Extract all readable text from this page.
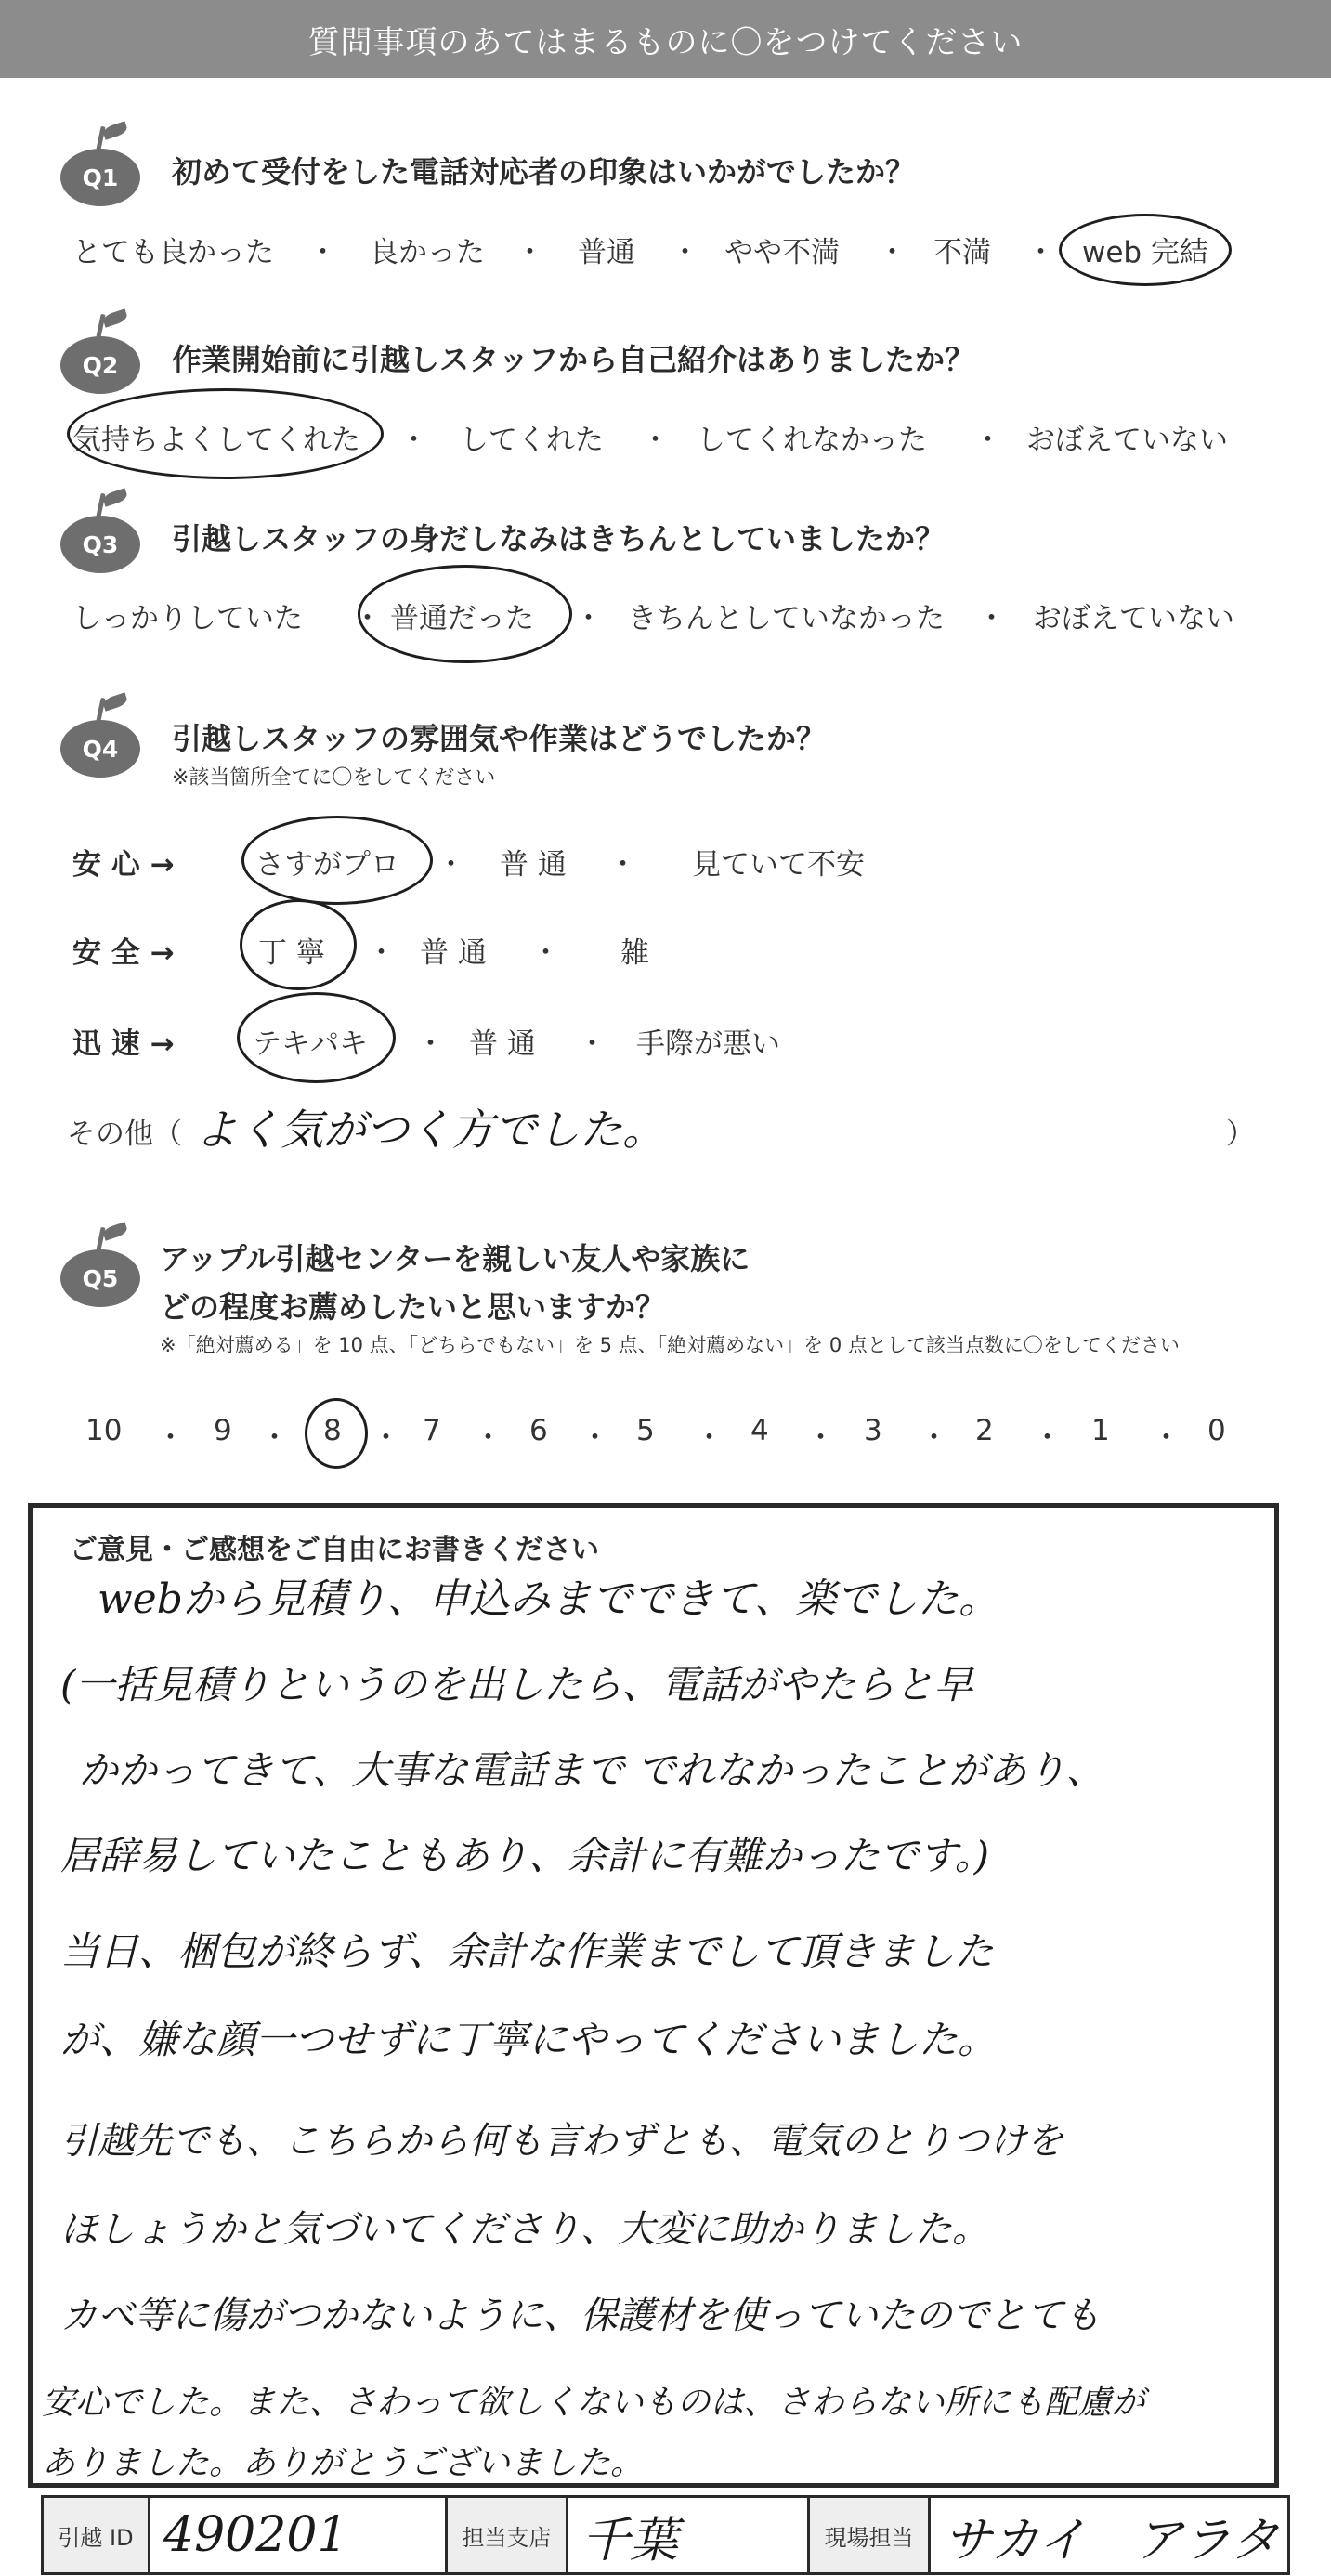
質問事項のあてはまるものに〇をつけてください
Q1	初めて受付をした電話対応者の印象はいかがでしたか？
とても良かった ・ 良かった ・ 普通 ・ やや不満 ・ 不満 ・ web 完結
Q2	作業開始前に引越しスタッフから自己紹介はありましたか？
気持ちよくしてくれた ・ してくれた ・ してくれなかった ・ おぼえていない
Q3	引越しスタッフの身だしなみはきちんとしていましたか？
しっかりしていた ・ 普通だった ・ きちんとしていなかった ・ おぼえていない
Q4	引越しスタッフの雰囲気や作業はどうでしたか？
※該当箇所全てに〇をしてください
安 心 →	さすがプロ ・ 普 通 ・ 見ていて不安
安 全 →	丁 寧 ・ 普 通 ・ 雑
迅 速 →	テキパキ ・ 普 通 ・ 手際が悪い
その他（ よく気がつく方でした。	）
Q5
アップル引越センターを親しい友人や家族に
どの程度お薦めしたいと思いますか？
※「絶対薦める」を 10 点、「どちらでもない」を 5 点、「絶対薦めない」を 0 点として該当点数に〇をしてください
10 ・ 9 ・ 8 ・ 7 ・ 6 ・ 5 ・ 4 ・ 3 ・ 2 ・ 1 ・ 0
ご意見・ご感想をご自由にお書きください
webから見積り、申込みまでできて、楽でした。
(一括見積りというのを出したら、電話がやたらと早
かかってきて、大事な電話まで でれなかったことがあり、
居辞易していたこともあり、余計に有難かったです。)
当日、梱包が終らず、余計な作業までして頂きました
が、嫌な顔一つせずに丁寧にやってくださいました。
引越先でも、こちらから何も言わずとも、電気のとりつけを
ほしょうかと気づいてくださり、大変に助かりました。
カベ等に傷がつかないように、保護材を使っていたのでとても
安心でした。また、さわって欲しくないものは、さわらない所にも配慮が
ありました。ありがとうございました。
引越 ID 490201	担当支店 千葉	現場担当 サカイ　アラタ
